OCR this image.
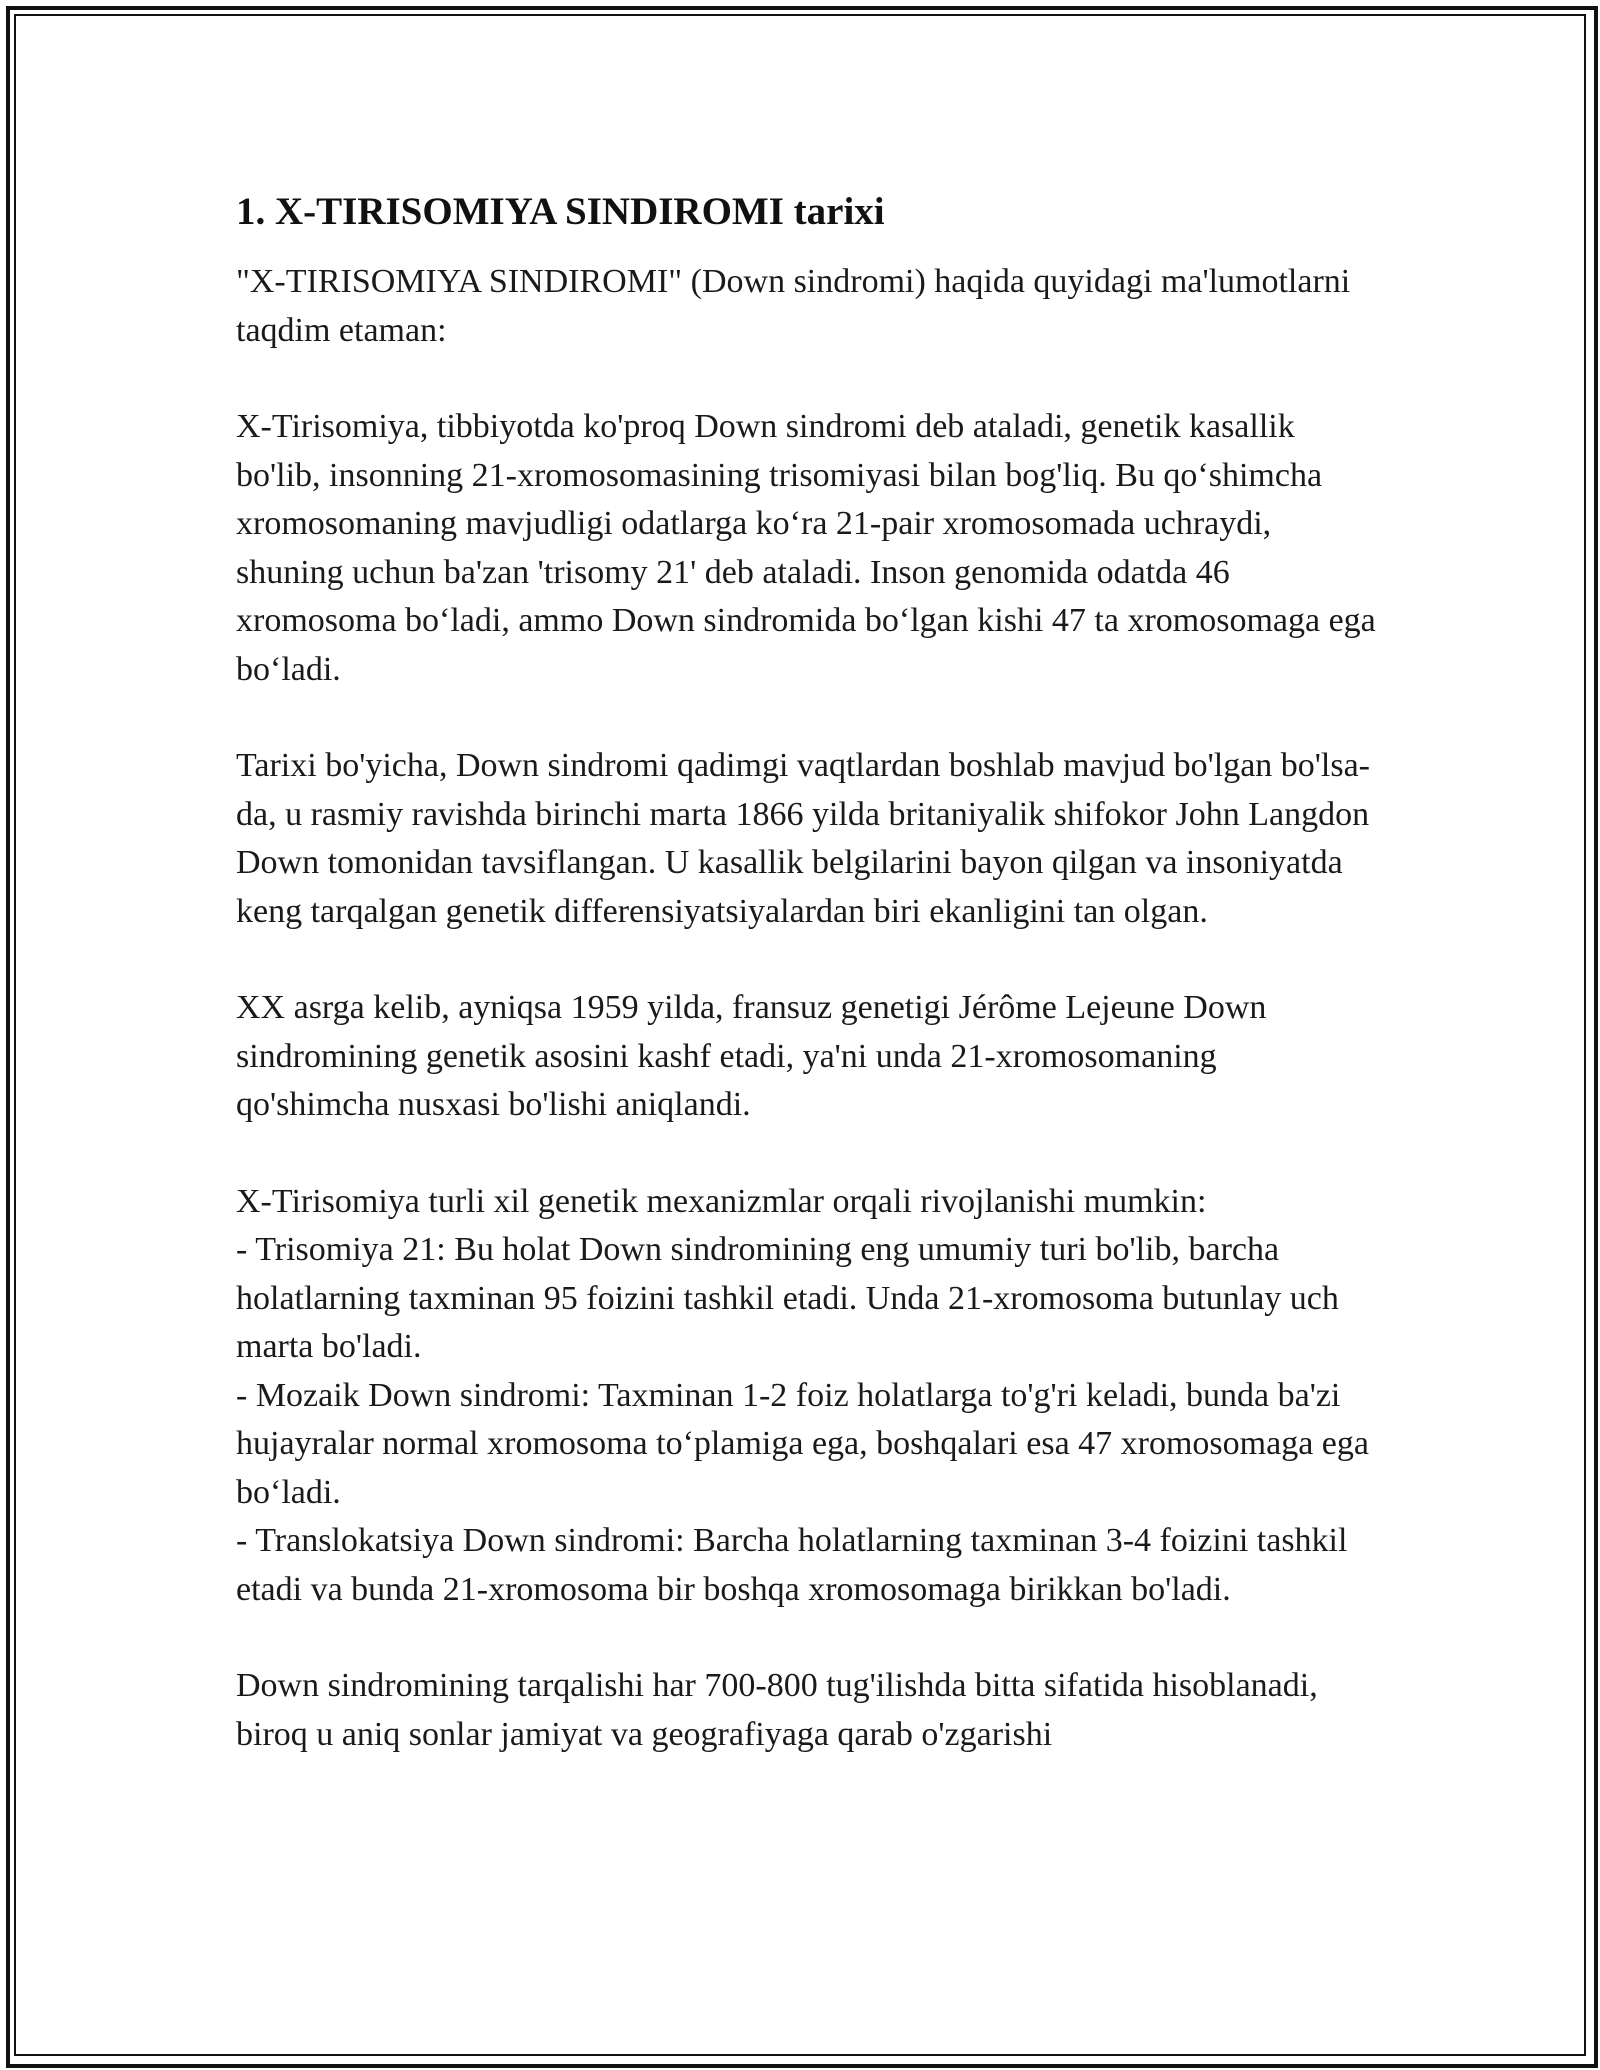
1. X-TIRISOMIYA SINDIROMI tarixi

"X-TIRISOMIYA SINDIROMI" (Down sindromi) haqida quyidagi ma'lumotlarni taqdim etaman:

X-Tirisomiya, tibbiyotda ko'proq Down sindromi deb ataladi, genetik kasallik bo'lib, insonning 21-xromosomasining trisomiyasi bilan bog'liq. Bu qo‘shimcha xromosomaning mavjudligi odatlarga ko‘ra 21-pair xromosomada uchraydi, shuning uchun ba'zan 'trisomy 21' deb ataladi. Inson genomida odatda 46 xromosoma bo‘ladi, ammo Down sindromida bo‘lgan kishi 47 ta xromosomaga ega bo‘ladi.

Tarixi bo'yicha, Down sindromi qadimgi vaqtlardan boshlab mavjud bo'lgan bo'lsa-da, u rasmiy ravishda birinchi marta 1866 yilda britaniyalik shifokor John Langdon Down tomonidan tavsiflangan. U kasallik belgilarini bayon qilgan va insoniyatda keng tarqalgan genetik differensiyatsiyalardan biri ekanligini tan olgan.

XX asrga kelib, ayniqsa 1959 yilda, fransuz genetigi Jérôme Lejeune Down sindromining genetik asosini kashf etadi, ya'ni unda 21-xromosomaning qo'shimcha nusxasi bo'lishi aniqlandi.

X-Tirisomiya turli xil genetik mexanizmlar orqali rivojlanishi mumkin:

- Trisomiya 21: Bu holat Down sindromining eng umumiy turi bo'lib, barcha holatlarning taxminan 95 foizini tashkil etadi. Unda 21-xromosoma butunlay uch marta bo'ladi.

- Mozaik Down sindromi: Taxminan 1-2 foiz holatlarga to'g'ri keladi, bunda ba'zi hujayralar normal xromosoma to‘plamiga ega, boshqalari esa 47 xromosomaga ega bo‘ladi.

- Translokatsiya Down sindromi: Barcha holatlarning taxminan 3-4 foizini tashkil etadi va bunda 21-xromosoma bir boshqa xromosomaga birikkan bo'ladi.

Down sindromining tarqalishi har 700-800 tug'ilishda bitta sifatida hisoblanadi, biroq u aniq sonlar jamiyat va geografiyaga qarab o'zgarishi
